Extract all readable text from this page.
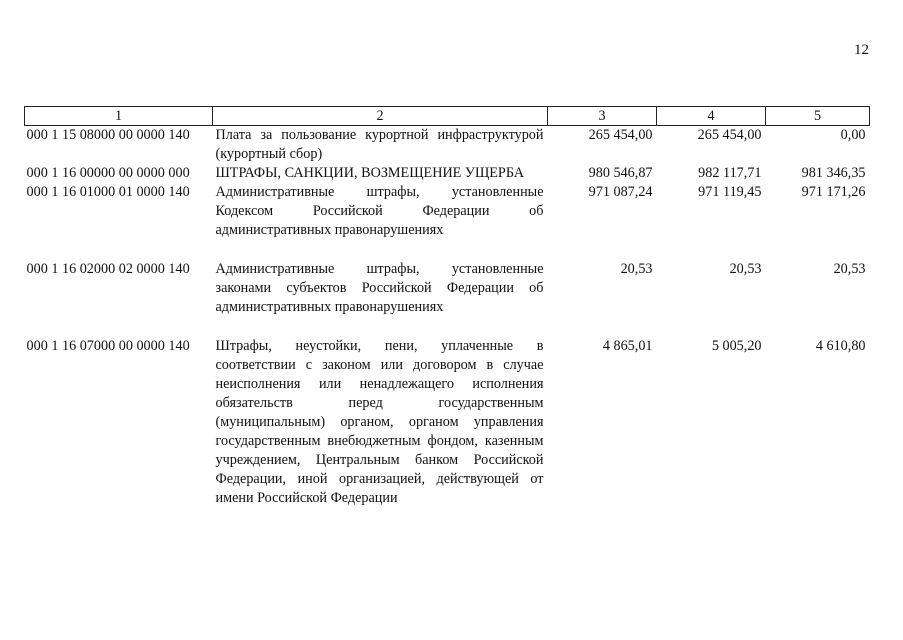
12
1	2	3	4	5
000 1 15 08000 00 0000 140	Плата за пользование курортной инфраструктурой (курортный сбор)	265 454,00	265 454,00	0,00
000 1 16 00000 00 0000 000	ШТРАФЫ, САНКЦИИ, ВОЗМЕЩЕНИЕ УЩЕРБА	980 546,87	982 117,71	981 346,35
000 1 16 01000 01 0000 140	Административные штрафы, установленные Кодексом Российской Федерации об административных правонарушениях	971 087,24	971 119,45	971 171,26
000 1 16 02000 02 0000 140	Административные штрафы, установленные законами субъектов Российской Федерации об административных правонарушениях	20,53	20,53	20,53
000 1 16 07000 00 0000 140	Штрафы, неустойки, пени, уплаченные в соответствии с законом или договором в случае неисполнения или ненадлежащего исполнения обязательств перед государственным (муниципальным) органом, органом управления государственным внебюджетным фондом, казенным учреждением, Центральным банком Российской Федерации, иной организацией, действующей от имени Российской Федерации	4 865,01	5 005,20	4 610,80
